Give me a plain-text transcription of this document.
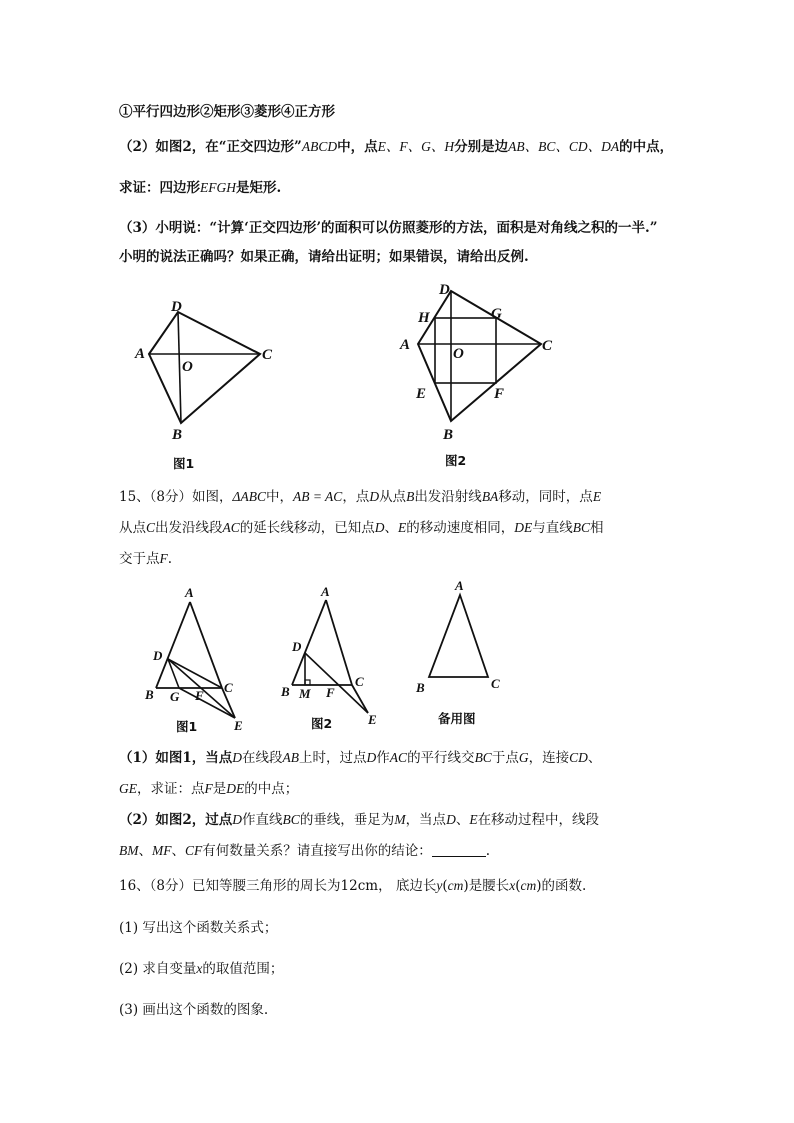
①平行四边形②矩形③菱形④正方形
（2）如图2，在“正交四边形”ABCD中，点E、F、G、H分别是边AB、BC、CD、DA的中点，
求证：四边形EFGH是矩形.
（3）小明说：“计算‘正交四边形’的面积可以仿照菱形的方法，面积是对角线之积的一半.”
小明的说法正确吗？如果正确，请给出证明；如果错误，请给出反例.
D
A	C
O
B
图1
D
H	G
A
O	C
E	F
B
图2
15、（8分）如图，ΔABC中，AB = AC，点D从点B出发沿射线BA移动，同时，点E
从点C出发沿线段AC的延长线移动，已知点D、E的移动速度相同，DE与直线BC相
交于点F.
A
D
B G F
C
E
图1
A
D
B M F
C
E
图2
A
B	C
备用图
（1）如图1，当点D在线段AB上时，过点D作AC的平行线交BC于点G，连接CD、
GE，求证：点F是DE的中点；
（2）如图2，过点D作直线BC的垂线，垂足为M，当点D、E在移动过程中，线段
BM、MF、CF有何数量关系？请直接写出你的结论：	.
16、（8分）已知等腰三角形的周长为12cm， 底边长y(cm)是腰长x(cm)的函数.
(1) 写出这个函数关系式；
(2) 求自变量x的取值范围；
(3) 画出这个函数的图象.
